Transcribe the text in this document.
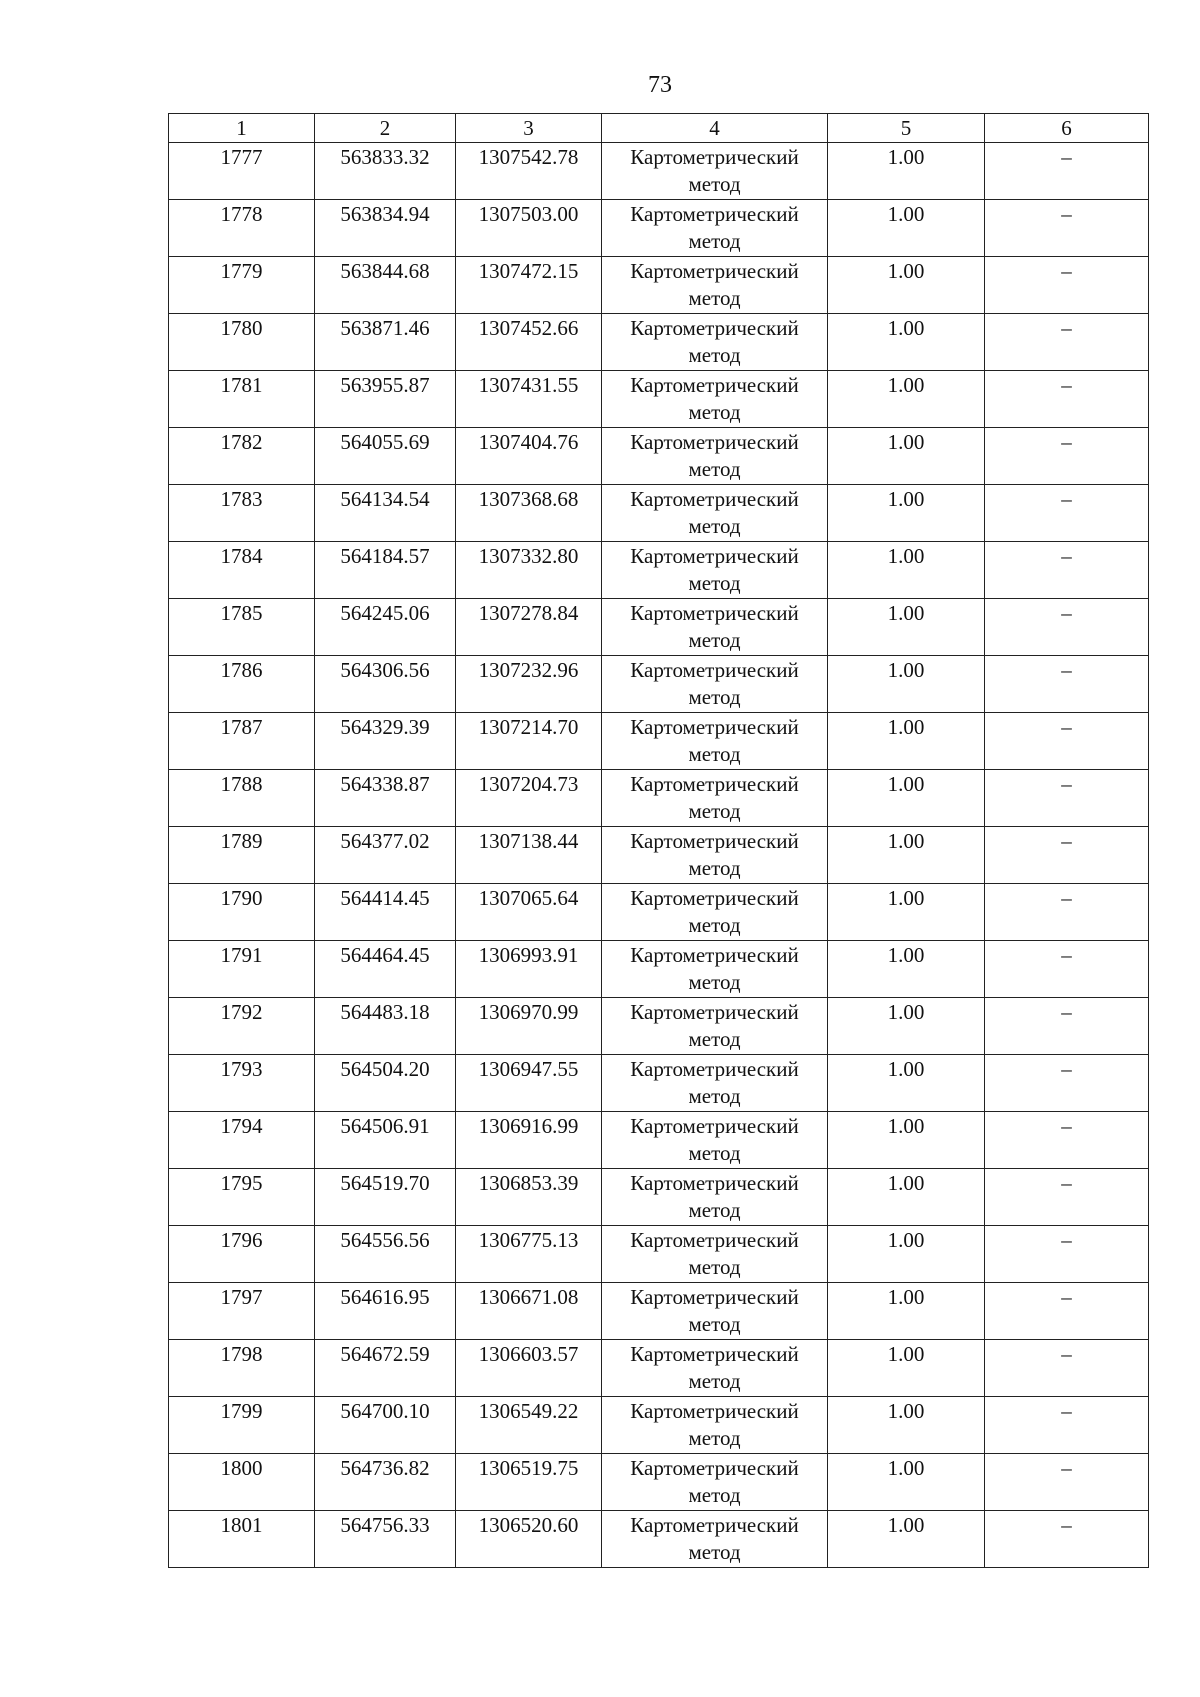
73
1	2	3	4	5	6
1777	563833.32	1307542.78	Картометрический метод	1.00	–
1778	563834.94	1307503.00	Картометрический метод	1.00	–
1779	563844.68	1307472.15	Картометрический метод	1.00	–
1780	563871.46	1307452.66	Картометрический метод	1.00	–
1781	563955.87	1307431.55	Картометрический метод	1.00	–
1782	564055.69	1307404.76	Картометрический метод	1.00	–
1783	564134.54	1307368.68	Картометрический метод	1.00	–
1784	564184.57	1307332.80	Картометрический метод	1.00	–
1785	564245.06	1307278.84	Картометрический метод	1.00	–
1786	564306.56	1307232.96	Картометрический метод	1.00	–
1787	564329.39	1307214.70	Картометрический метод	1.00	–
1788	564338.87	1307204.73	Картометрический метод	1.00	–
1789	564377.02	1307138.44	Картометрический метод	1.00	–
1790	564414.45	1307065.64	Картометрический метод	1.00	–
1791	564464.45	1306993.91	Картометрический метод	1.00	–
1792	564483.18	1306970.99	Картометрический метод	1.00	–
1793	564504.20	1306947.55	Картометрический метод	1.00	–
1794	564506.91	1306916.99	Картометрический метод	1.00	–
1795	564519.70	1306853.39	Картометрический метод	1.00	–
1796	564556.56	1306775.13	Картометрический метод	1.00	–
1797	564616.95	1306671.08	Картометрический метод	1.00	–
1798	564672.59	1306603.57	Картометрический метод	1.00	–
1799	564700.10	1306549.22	Картометрический метод	1.00	–
1800	564736.82	1306519.75	Картометрический метод	1.00	–
1801	564756.33	1306520.60	Картометрический метод	1.00	–
